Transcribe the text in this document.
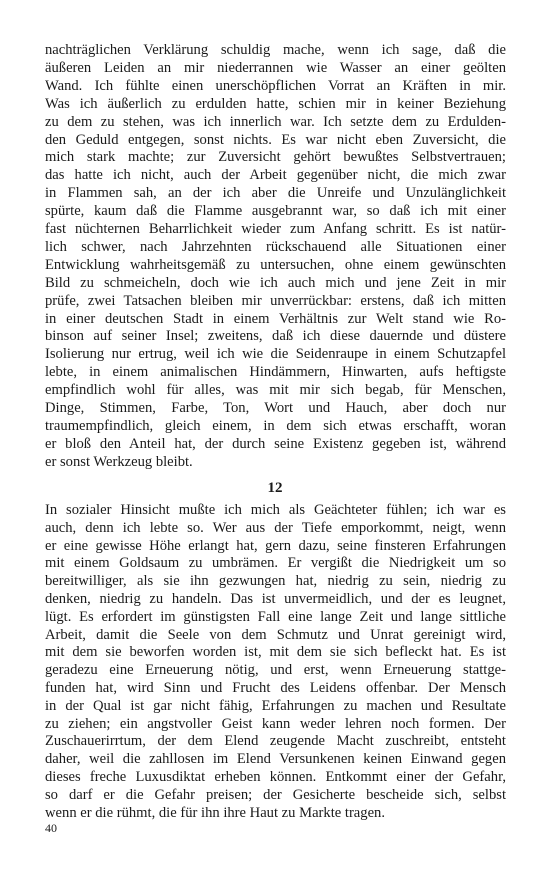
nachträglichen Verklärung schuldig mache, wenn ich sage, daß die
äußeren Leiden an mir niederrannen wie Wasser an einer geölten
Wand. Ich fühlte einen unerschöpflichen Vorrat an Kräften in mir.
Was ich äußerlich zu erdulden hatte, schien mir in keiner Beziehung
zu dem zu stehen, was ich innerlich war. Ich setzte dem zu Erdulden-
den Geduld entgegen, sonst nichts. Es war nicht eben Zuversicht, die
mich stark machte; zur Zuversicht gehört bewußtes Selbstvertrauen;
das hatte ich nicht, auch der Arbeit gegenüber nicht, die mich zwar
in Flammen sah, an der ich aber die Unreife und Unzulänglichkeit
spürte, kaum daß die Flamme ausgebrannt war, so daß ich mit einer
fast nüchternen Beharrlichkeit wieder zum Anfang schritt. Es ist natür-
lich schwer, nach Jahrzehnten rückschauend alle Situationen einer
Entwicklung wahrheitsgemäß zu untersuchen, ohne einem gewünschten
Bild zu schmeicheln, doch wie ich auch mich und jene Zeit in mir
prüfe, zwei Tatsachen bleiben mir unverrückbar: erstens, daß ich mitten
in einer deutschen Stadt in einem Verhältnis zur Welt stand wie Ro-
binson auf seiner Insel; zweitens, daß ich diese dauernde und düstere
Isolierung nur ertrug, weil ich wie die Seidenraupe in einem Schutzapfel
lebte, in einem animalischen Hindämmern, Hinwarten, aufs heftigste
empfindlich wohl für alles, was mit mir sich begab, für Menschen,
Dinge, Stimmen, Farbe, Ton, Wort und Hauch, aber doch nur
traumempfindlich, gleich einem, in dem sich etwas erschafft, woran
er bloß den Anteil hat, der durch seine Existenz gegeben ist, während
er sonst Werkzeug bleibt.
12
In sozialer Hinsicht mußte ich mich als Geächteter fühlen; ich war es
auch, denn ich lebte so. Wer aus der Tiefe emporkommt, neigt, wenn
er eine gewisse Höhe erlangt hat, gern dazu, seine finsteren Erfahrungen
mit einem Goldsaum zu umbrämen. Er vergißt die Niedrigkeit um so
bereitwilliger, als sie ihn gezwungen hat, niedrig zu sein, niedrig zu
denken, niedrig zu handeln. Das ist unvermeidlich, und der es leugnet,
lügt. Es erfordert im günstigsten Fall eine lange Zeit und lange sittliche
Arbeit, damit die Seele von dem Schmutz und Unrat gereinigt wird,
mit dem sie beworfen worden ist, mit dem sie sich befleckt hat. Es ist
geradezu eine Erneuerung nötig, und erst, wenn Erneuerung stattge-
funden hat, wird Sinn und Frucht des Leidens offenbar. Der Mensch
in der Qual ist gar nicht fähig, Erfahrungen zu machen und Resultate
zu ziehen; ein angstvoller Geist kann weder lehren noch formen. Der
Zuschauerirrtum, der dem Elend zeugende Macht zuschreibt, entsteht
daher, weil die zahllosen im Elend Versunkenen keinen Einwand gegen
dieses freche Luxusdiktat erheben können. Entkommt einer der Gefahr,
so darf er die Gefahr preisen; der Gesicherte bescheide sich, selbst
wenn er die rühmt, die für ihn ihre Haut zu Markte tragen.
40
